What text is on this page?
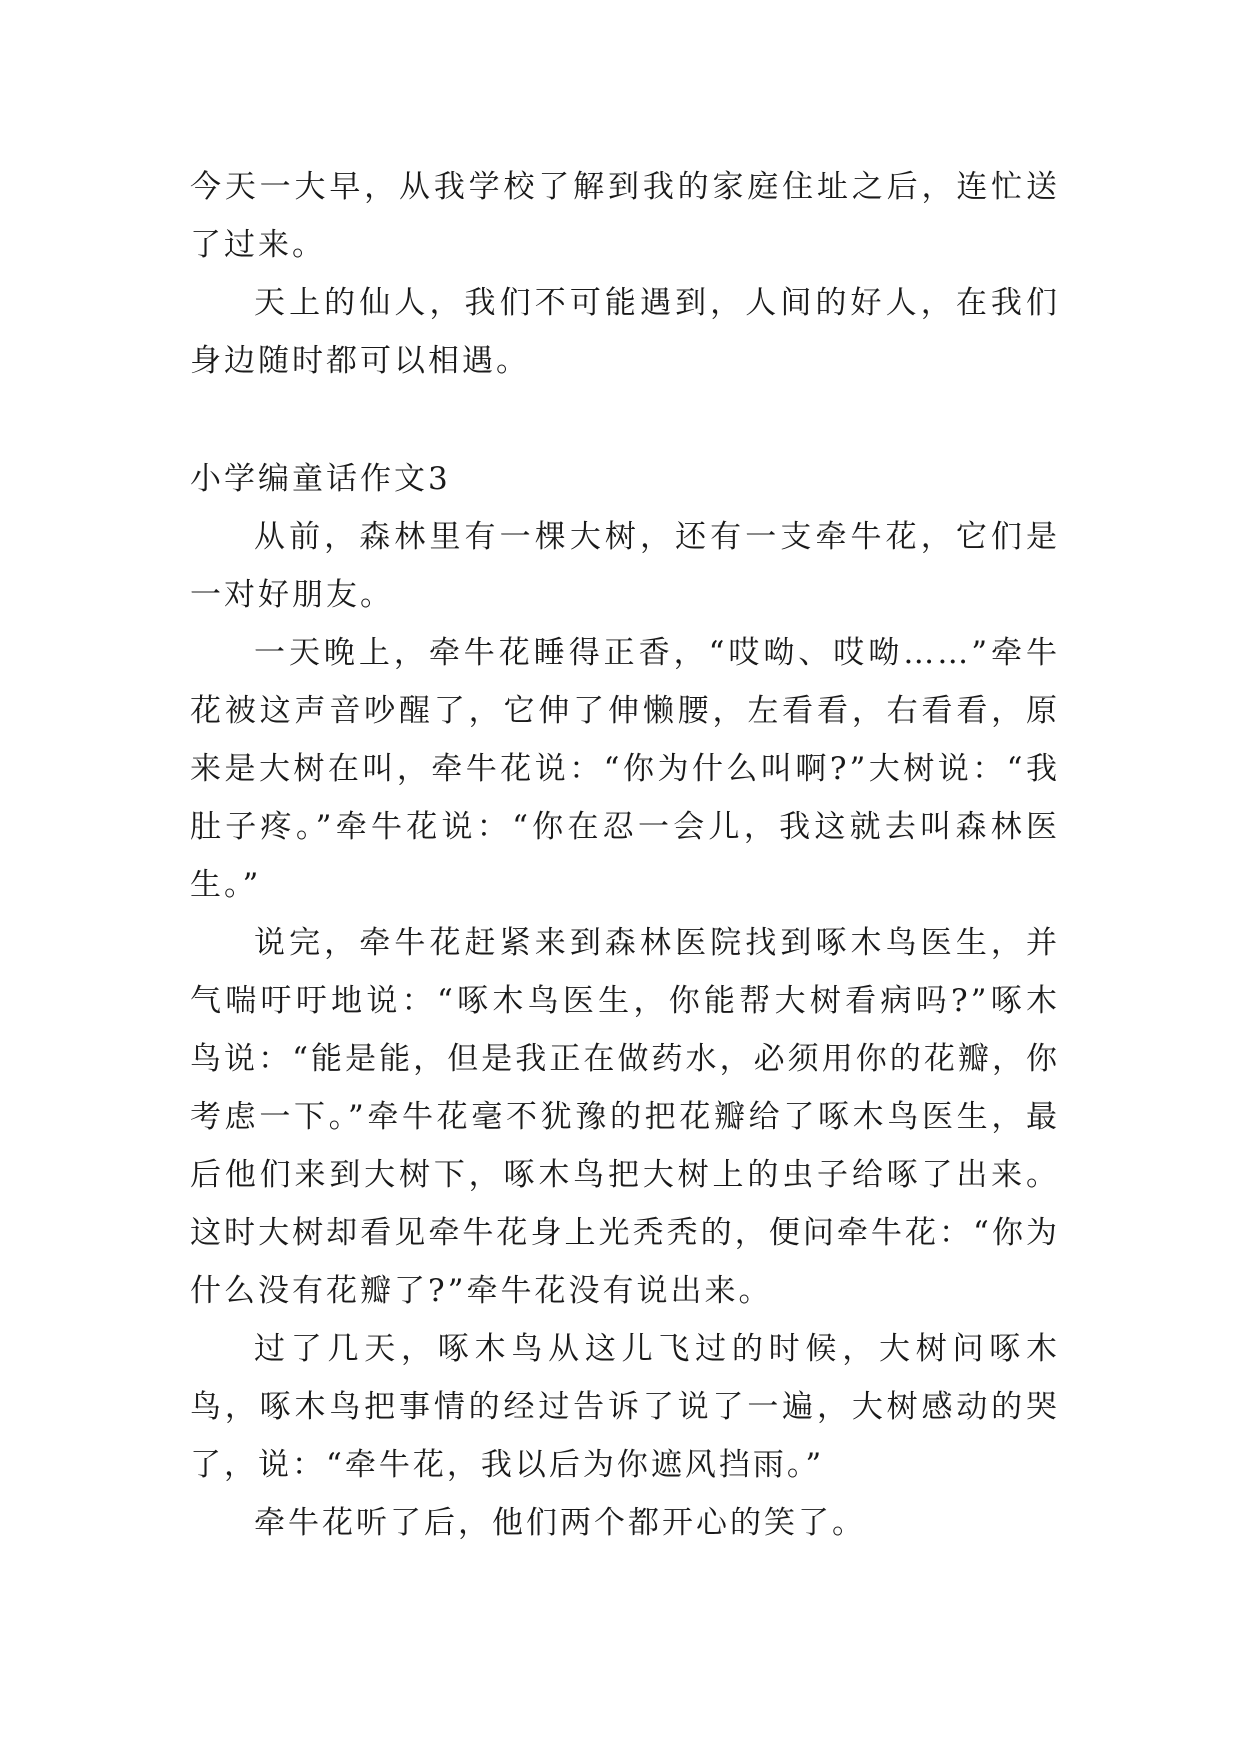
今天一大早，从我学校了解到我的家庭住址之后，连忙送了过来。

天上的仙人，我们不可能遇到，人间的好人，在我们身边随时都可以相遇。

小学编童话作文3

从前，森林里有一棵大树，还有一支牵牛花，它们是一对好朋友。

一天晚上，牵牛花睡得正香，“哎呦、哎呦……”牵牛花被这声音吵醒了，它伸了伸懒腰，左看看，右看看，原来是大树在叫，牵牛花说：“你为什么叫啊?”大树说：“我肚子疼。”牵牛花说：“你在忍一会儿，我这就去叫森林医生。”

说完，牵牛花赶紧来到森林医院找到啄木鸟医生，并气喘吁吁地说：“啄木鸟医生，你能帮大树看病吗?”啄木鸟说：“能是能，但是我正在做药水，必须用你的花瓣，你考虑一下。”牵牛花毫不犹豫的把花瓣给了啄木鸟医生，最后他们来到大树下，啄木鸟把大树上的虫子给啄了出来。这时大树却看见牵牛花身上光秃秃的，便问牵牛花：“你为什么没有花瓣了?”牵牛花没有说出来。

过了几天，啄木鸟从这儿飞过的时候，大树问啄木鸟，啄木鸟把事情的经过告诉了说了一遍，大树感动的哭了，说：“牵牛花，我以后为你遮风挡雨。”

牵牛花听了后，他们两个都开心的笑了。
